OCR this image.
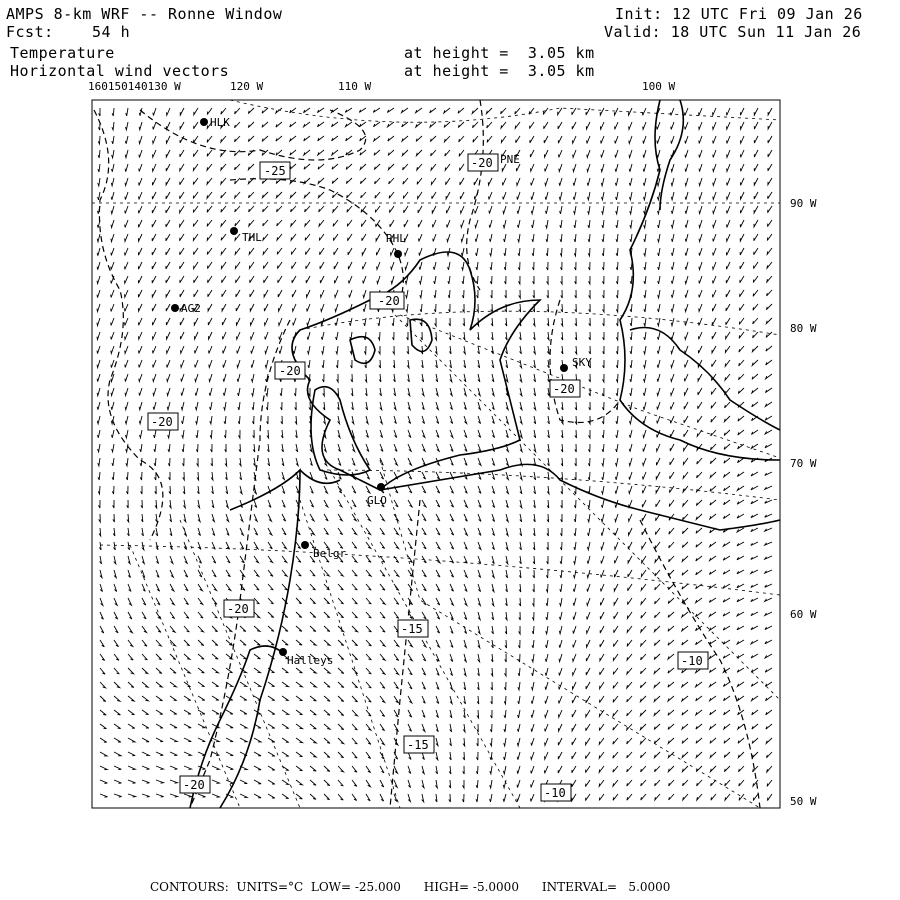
AMPS 8-km WRF -- Ronne Window
Fcst:	54 h
Temperature
Horizontal wind vectors
at height =  3.05 km
at height =  3.05 km
Init: 12 UTC Fri 09 Jan 26
Valid: 18 UTC Sun 11 Jan 26
160150140130 W	120 W	110 W	100 W
90 W
80 W
70 W
60 W
50 W
HLK
PNE
THL	RHL
AG2
SKY
GLO
Belgr
Halleys
-25
-20
-20
-20
-20
-20
-20
-15
-10
-15
-20
-10
CONTOURS:  UNITS=°C  LOW= -25.000      HIGH= -5.0000      INTERVAL=   5.0000
